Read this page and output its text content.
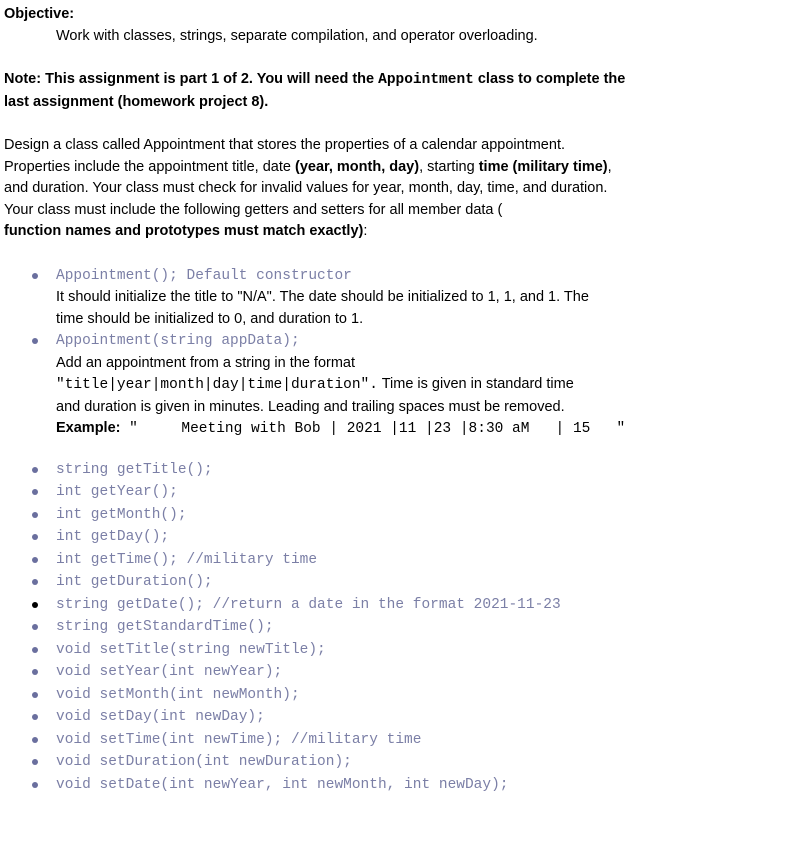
Objective:
Work with classes, strings, separate compilation, and operator overloading.
Note: This assignment is part 1 of 2. You will need the Appointment class to complete the
last assignment (homework project 8).
Design a class called Appointment that stores the properties of a calendar appointment.
Properties include the appointment title, date (year, month, day), starting time (military time),
and duration. Your class must check for invalid values for year, month, day, time, and duration.
Your class must include the following getters and setters for all member data (
function names and prototypes must match exactly):
Appointment(); Default constructor
It should initialize the title to "N/A". The date should be initialized to 1, 1, and 1. The
time should be initialized to 0, and duration to 1.
Appointment(string appData);
Add an appointment from a string in the format
"title|year|month|day|time|duration". Time is given in standard time
and duration is given in minutes. Leading and trailing spaces must be removed.
Example: "     Meeting with Bob | 2021 |11 |23 |8:30 aM   | 15   "
string getTitle();
int getYear();
int getMonth();
int getDay();
int getTime(); //military time
int getDuration();
string getDate(); //return a date in the format 2021-11-23
string getStandardTime();
void setTitle(string newTitle);
void setYear(int newYear);
void setMonth(int newMonth);
void setDay(int newDay);
void setTime(int newTime); //military time
void setDuration(int newDuration);
void setDate(int newYear, int newMonth, int newDay);
